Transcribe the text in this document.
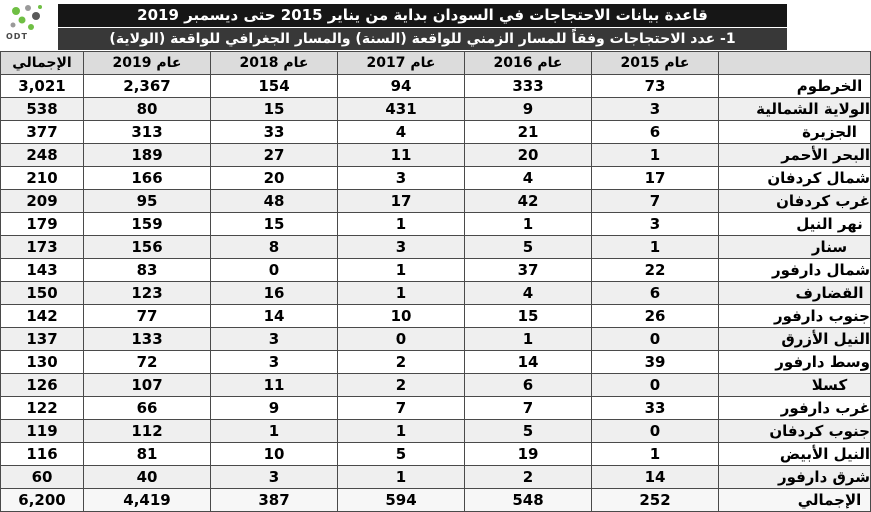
ODT
قاعدة بيانات الاحتجاجات في السودان بداية من يناير 2015 حتى ديسمبر 2019
1- عدد الاحتجاجات وفقاً للمسار الزمني للواقعة (السنة) والمسار الجغرافي للواقعة (الولاية)
	عام 2015	عام 2016	عام 2017	عام 2018	عام 2019	الإجمالي
الخرطوم	73	333	94	154	2,367	3,021
الولاية الشمالية	3	9	431	15	80	538
الجزيرة	6	21	4	33	313	377
البحر الأحمر	1	20	11	27	189	248
شمال كردفان	17	4	3	20	166	210
غرب كردفان	7	42	17	48	95	209
نهر النيل	3	1	1	15	159	179
سنار	1	5	3	8	156	173
شمال دارفور	22	37	1	0	83	143
القضارف	6	4	1	16	123	150
جنوب دارفور	26	15	10	14	77	142
النيل الأزرق	0	1	0	3	133	137
وسط دارفور	39	14	2	3	72	130
كسلا	0	6	2	11	107	126
غرب دارفور	33	7	7	9	66	122
جنوب كردفان	0	5	1	1	112	119
النيل الأبيض	1	19	5	10	81	116
شرق دارفور	14	2	1	3	40	60
الإجمالي	252	548	594	387	4,419	6,200
